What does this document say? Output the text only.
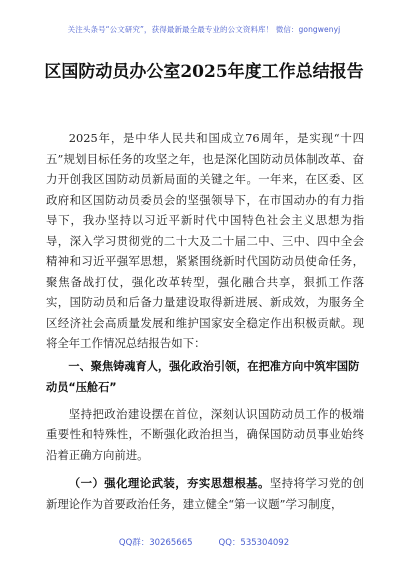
关注头条号“公文研究”，获得最新最全最专业的公文资料库！ 微信：gongwenyj
区国防动员办公室2025年度工作总结报告

2025年，是中华人民共和国成立76周年，是实现“十四五”规划目标任务的攻坚之年，也是深化国防动员体制改革、奋力开创我区国防动员新局面的关键之年。一年来，在区委、区政府和区国防动员委员会的坚强领导下，在市国动办的有力指导下，我办坚持以习近平新时代中国特色社会主义思想为指导，深入学习贯彻党的二十大及二十届二中、三中、四中全会精神和习近平强军思想，紧紧围绕新时代国防动员使命任务，聚焦备战打仗，强化改革转型，强化融合共享，狠抓工作落实，国防动员和后备力量建设取得新进展、新成效，为服务全区经济社会高质量发展和维护国家安全稳定作出积极贡献。现将全年工作情况总结报告如下：

一、聚焦铸魂育人，强化政治引领，在把准方向中筑牢国防动员“压舱石”

坚持把政治建设摆在首位，深刻认识国防动员工作的极端重要性和特殊性，不断强化政治担当，确保国防动员事业始终沿着正确方向前进。

（一）强化理论武装，夯实思想根基。坚持将学习党的创新理论作为首要政治任务，建立健全“第一议题”学习制度，

QQ群：30265665	QQ：535304092
